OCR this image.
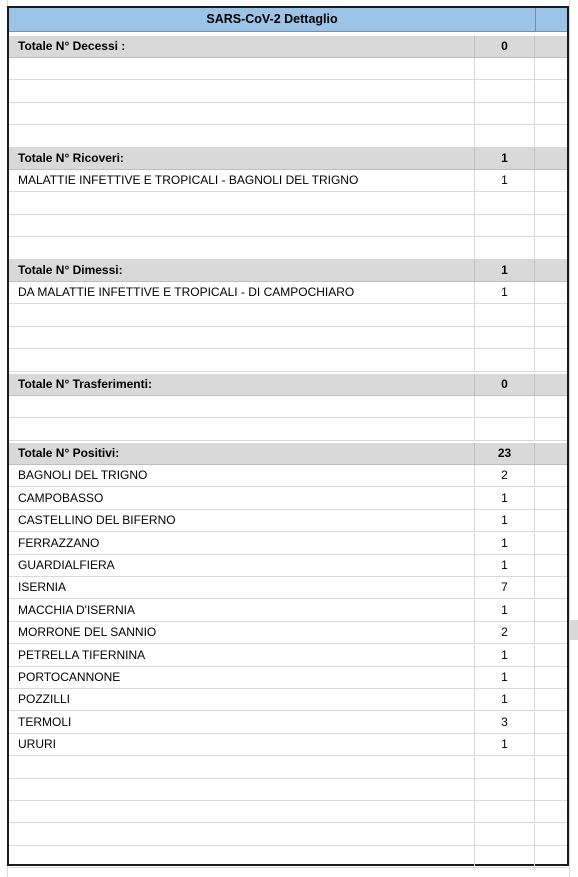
SARS-CoV-2 Dettaglio
Totale N° Decessi :	0
Totale N° Ricoveri:	1
MALATTIE INFETTIVE E TROPICALI - BAGNOLI DEL TRIGNO	1
Totale N° Dimessi:	1
DA MALATTIE INFETTIVE E TROPICALI - DI CAMPOCHIARO	1
Totale N° Trasferimenti:	0
Totale N° Positivi:	23
BAGNOLI DEL TRIGNO	2
CAMPOBASSO	1
CASTELLINO DEL BIFERNO	1
FERRAZZANO	1
GUARDIALFIERA	1
ISERNIA	7
MACCHIA D'ISERNIA	1
MORRONE DEL SANNIO	2
PETRELLA TIFERNINA	1
PORTOCANNONE	1
POZZILLI	1
TERMOLI	3
URURI	1
